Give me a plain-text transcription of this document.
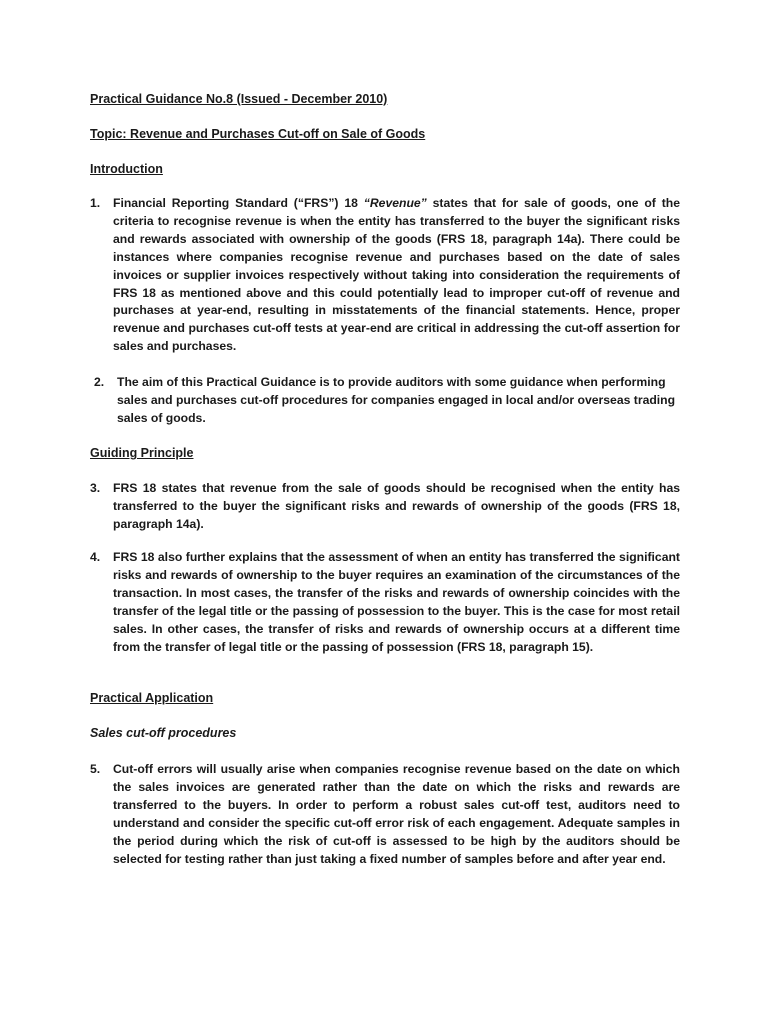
Practical Guidance No.8 (Issued - December 2010)
Topic: Revenue and Purchases Cut-off on Sale of Goods
Introduction
1. Financial Reporting Standard (“FRS”) 18 “Revenue” states that for sale of goods, one of the criteria to recognise revenue is when the entity has transferred to the buyer the significant risks and rewards associated with ownership of the goods (FRS 18, paragraph 14a). There could be instances where companies recognise revenue and purchases based on the date of sales invoices or supplier invoices respectively without taking into consideration the requirements of FRS 18 as mentioned above and this could potentially lead to improper cut-off of revenue and purchases at year-end, resulting in misstatements of the financial statements. Hence, proper revenue and purchases cut-off tests at year-end are critical in addressing the cut-off assertion for sales and purchases.
2. The aim of this Practical Guidance is to provide auditors with some guidance when performing sales and purchases cut-off procedures for companies engaged in local and/or overseas trading sales of goods.
Guiding Principle
3. FRS 18 states that revenue from the sale of goods should be recognised when the entity has transferred to the buyer the significant risks and rewards of ownership of the goods (FRS 18, paragraph 14a).
4. FRS 18 also further explains that the assessment of when an entity has transferred the significant risks and rewards of ownership to the buyer requires an examination of the circumstances of the transaction. In most cases, the transfer of the risks and rewards of ownership coincides with the transfer of the legal title or the passing of possession to the buyer. This is the case for most retail sales. In other cases, the transfer of risks and rewards of ownership occurs at a different time from the transfer of legal title or the passing of possession (FRS 18, paragraph 15).
Practical Application
Sales cut-off procedures
5. Cut-off errors will usually arise when companies recognise revenue based on the date on which the sales invoices are generated rather than the date on which the risks and rewards are transferred to the buyers. In order to perform a robust sales cut-off test, auditors need to understand and consider the specific cut-off error risk of each engagement. Adequate samples in the period during which the risk of cut-off is assessed to be high by the auditors should be selected for testing rather than just taking a fixed number of samples before and after year end.
